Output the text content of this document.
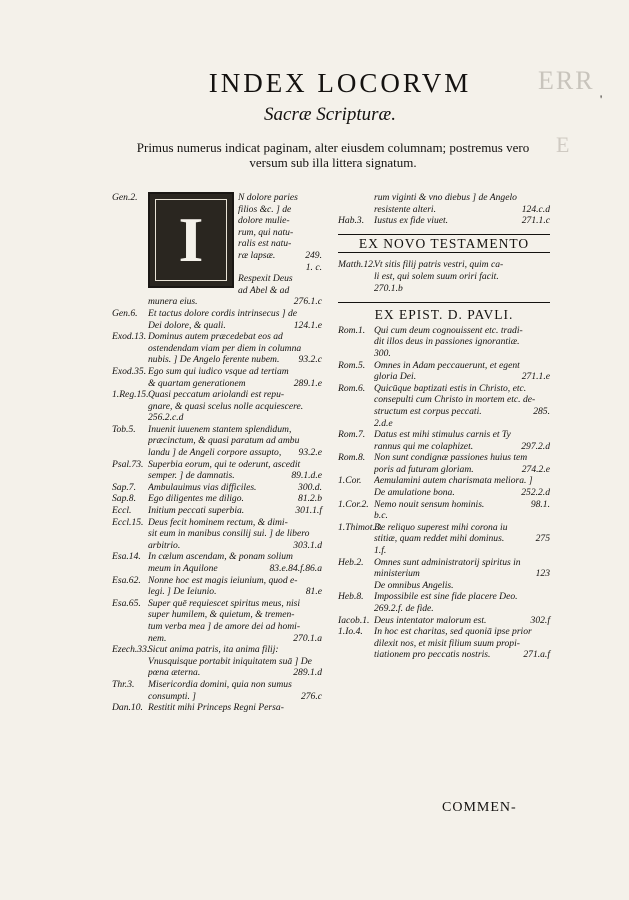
ERR
E
'
INDEX LOCORVM
Sacræ Scripturæ.
Primus numerus indicat paginam, alter eiusdem columnam; postremus vero
versum sub illa littera signatum.
Gen.2.
I
N dolore paries
filios &c. ] de
dolore mulie-
rum, qui natu-
ralis est natu-
ræ lapsæ.	249.
1. c.
Respexit Deus
ad Abel & ad
munera eius.	276.1.c
Gen.6.	Et tactus dolore cordis intrinsecus ] de
Dei dolore, & quali.	124.1.e
Exod.13. Dominus autem præcedebat eos ad
ostendendam viam per diem in columna
nubis. ] De Angelo ferente nubem.	93.2.c
Exod.35. Ego sum qui iudico vsque ad tertiam
& quartam generationem	289.1.e
1.Reg.15. Quasi peccatum ariolandi est repu-
gnare, & quasi scelus nolle acquiescere.
256.2.c.d
Tob.5.	Inuenit iuuenem stantem splendidum,
præcinctum, & quasi paratum ad ambu
landu ] de Angeli corpore assupto,	93.2.e
Psal.73. Superbia eorum, qui te oderunt, ascedit
semper. ] de damnatis.	89.1.d.e
Sap.7.	Ambulauimus vias difficiles.	300.d.
Sap.8.	Ego diligentes me diligo.	81.2.b
Eccl.	Initium peccati superbia.	301.1.f
Eccl.15. Deus fecit hominem rectum, & dimi-
sit eum in manibus consilij sui. ] de libero
arbitrio.	303.1.d
Esa.14. In cælum ascendam, & ponam solium
meum in Aquilone	83.e.84.f.86.a
Esa.62. Nonne hoc est magis ieiunium, quod e-
legi. ] De Ieiunio.	81.e
Esa.65. Super quē requiescet spiritus meus, nisi
super humilem, & quietum, & tremen-
tum verba mea ] de amore dei ad homi-
nem.	270.1.a
Ezech.33.
Sicut anima patris, ita anima filij:
Vnusquisque portabit iniquitatem suā ] De
pœna æterna.	289.1.d
Thr.3.	Misericordia domini, quia non sumus
consumpti. ]	276.c
Dan.10. Restitit mihi Princeps Regni Persa-
rum viginti & vno diebus ] de Angelo
resistente alteri.	124.c.d
Hab.3.	Iustus ex fide viuet.	271.1.c
EX NOVO TESTAMENTO
Matth.12.
Vt sitis filij patris vestri, quim ca-
li est, qui solem suum oriri facit.
270.1.b
EX EPIST. D. PAVLI.
Rom.1. Qui cum deum cognouissent etc. tradi-
dit illos deus in passiones ignorantiæ.
300.
Rom.5. Omnes in Adam peccauerunt, et egent
gloria Dei.	271.1.e
Rom.6. Quicūque baptizati estis in Christo, etc.
consepulti cum Christo in mortem etc. de-
structum est corpus peccati.	285.
2.d.e
Rom.7. Datus est mihi stimulus carnis et Ty
rannus qui me colaphizet.	297.2.d
Rom.8. Non sunt condignæ passiones huius tem
poris ad futuram gloriam.	274.2.e
1.Cor.	Aemulamini autem charismata meliora. ]
De amulatione bona.	252.2.d
1.Cor.2. Nemo nouit sensum hominis.	98.1.
b.c.
1.Thimot.3.
De reliquo superest mihi corona iu
stitiæ, quam reddet mihi dominus.	275
1.f.
Heb.2.	Omnes sunt administratorij spiritus in
ministerium	123
De omnibus Angelis.
Heb.8.	Impossibile est sine fide placere Deo.
269.2.f. de fide.
Iacob.1. Deus intentator malorum est.	302.f
1.Io.4.	In hoc est charitas, sed quoniā ipse prior
dilexit nos, et misit filium suum propi-
tiationem pro peccatis nostris.	271.a.f
COMMEN-
